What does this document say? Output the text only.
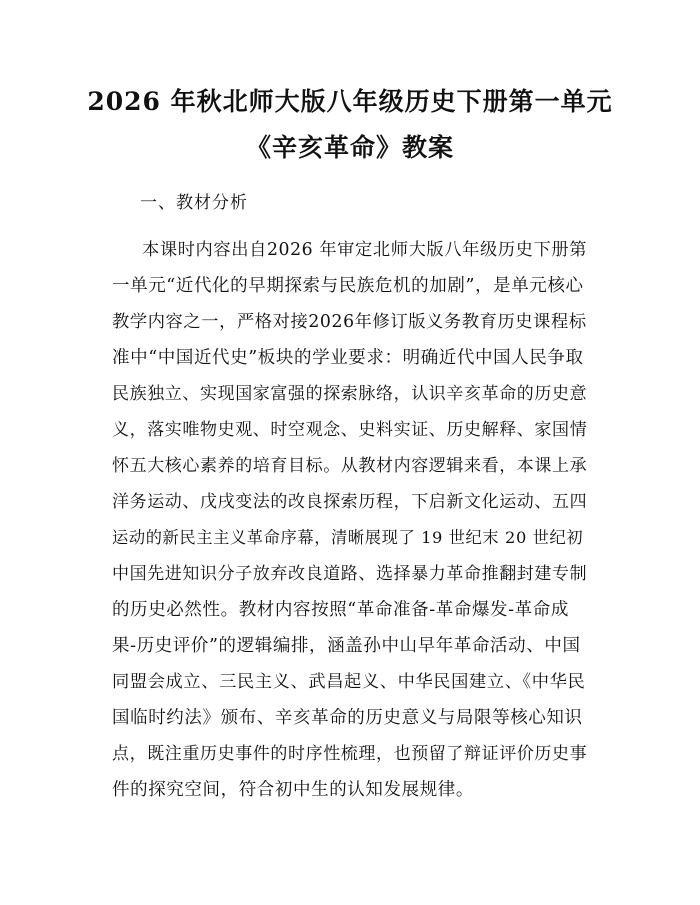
2026 年秋北师大版八年级历史下册第一单元
《辛亥革命》教案
一、教材分析
本课时内容出自2026 年审定北师大版八年级历史下册第
一单元“近代化的早期探索与民族危机的加剧”，是单元核心
教学内容之一，严格对接2026年修订版义务教育历史课程标
准中“中国近代史”板块的学业要求：明确近代中国人民争取
民族独立、实现国家富强的探索脉络，认识辛亥革命的历史意
义，落实唯物史观、时空观念、史料实证、历史解释、家国情
怀五大核心素养的培育目标。从教材内容逻辑来看，本课上承
洋务运动、戊戌变法的改良探索历程，下启新文化运动、五四
运动的新民主主义革命序幕，清晰展现了 19 世纪末 20 世纪初
中国先进知识分子放弃改良道路、选择暴力革命推翻封建专制
的历史必然性。教材内容按照“革命准备-革命爆发-革命成
果-历史评价”的逻辑编排，涵盖孙中山早年革命活动、中国
同盟会成立、三民主义、武昌起义、中华民国建立、《中华民
国临时约法》颁布、辛亥革命的历史意义与局限等核心知识
点，既注重历史事件的时序性梳理，也预留了辩证评价历史事
件的探究空间，符合初中生的认知发展规律。
